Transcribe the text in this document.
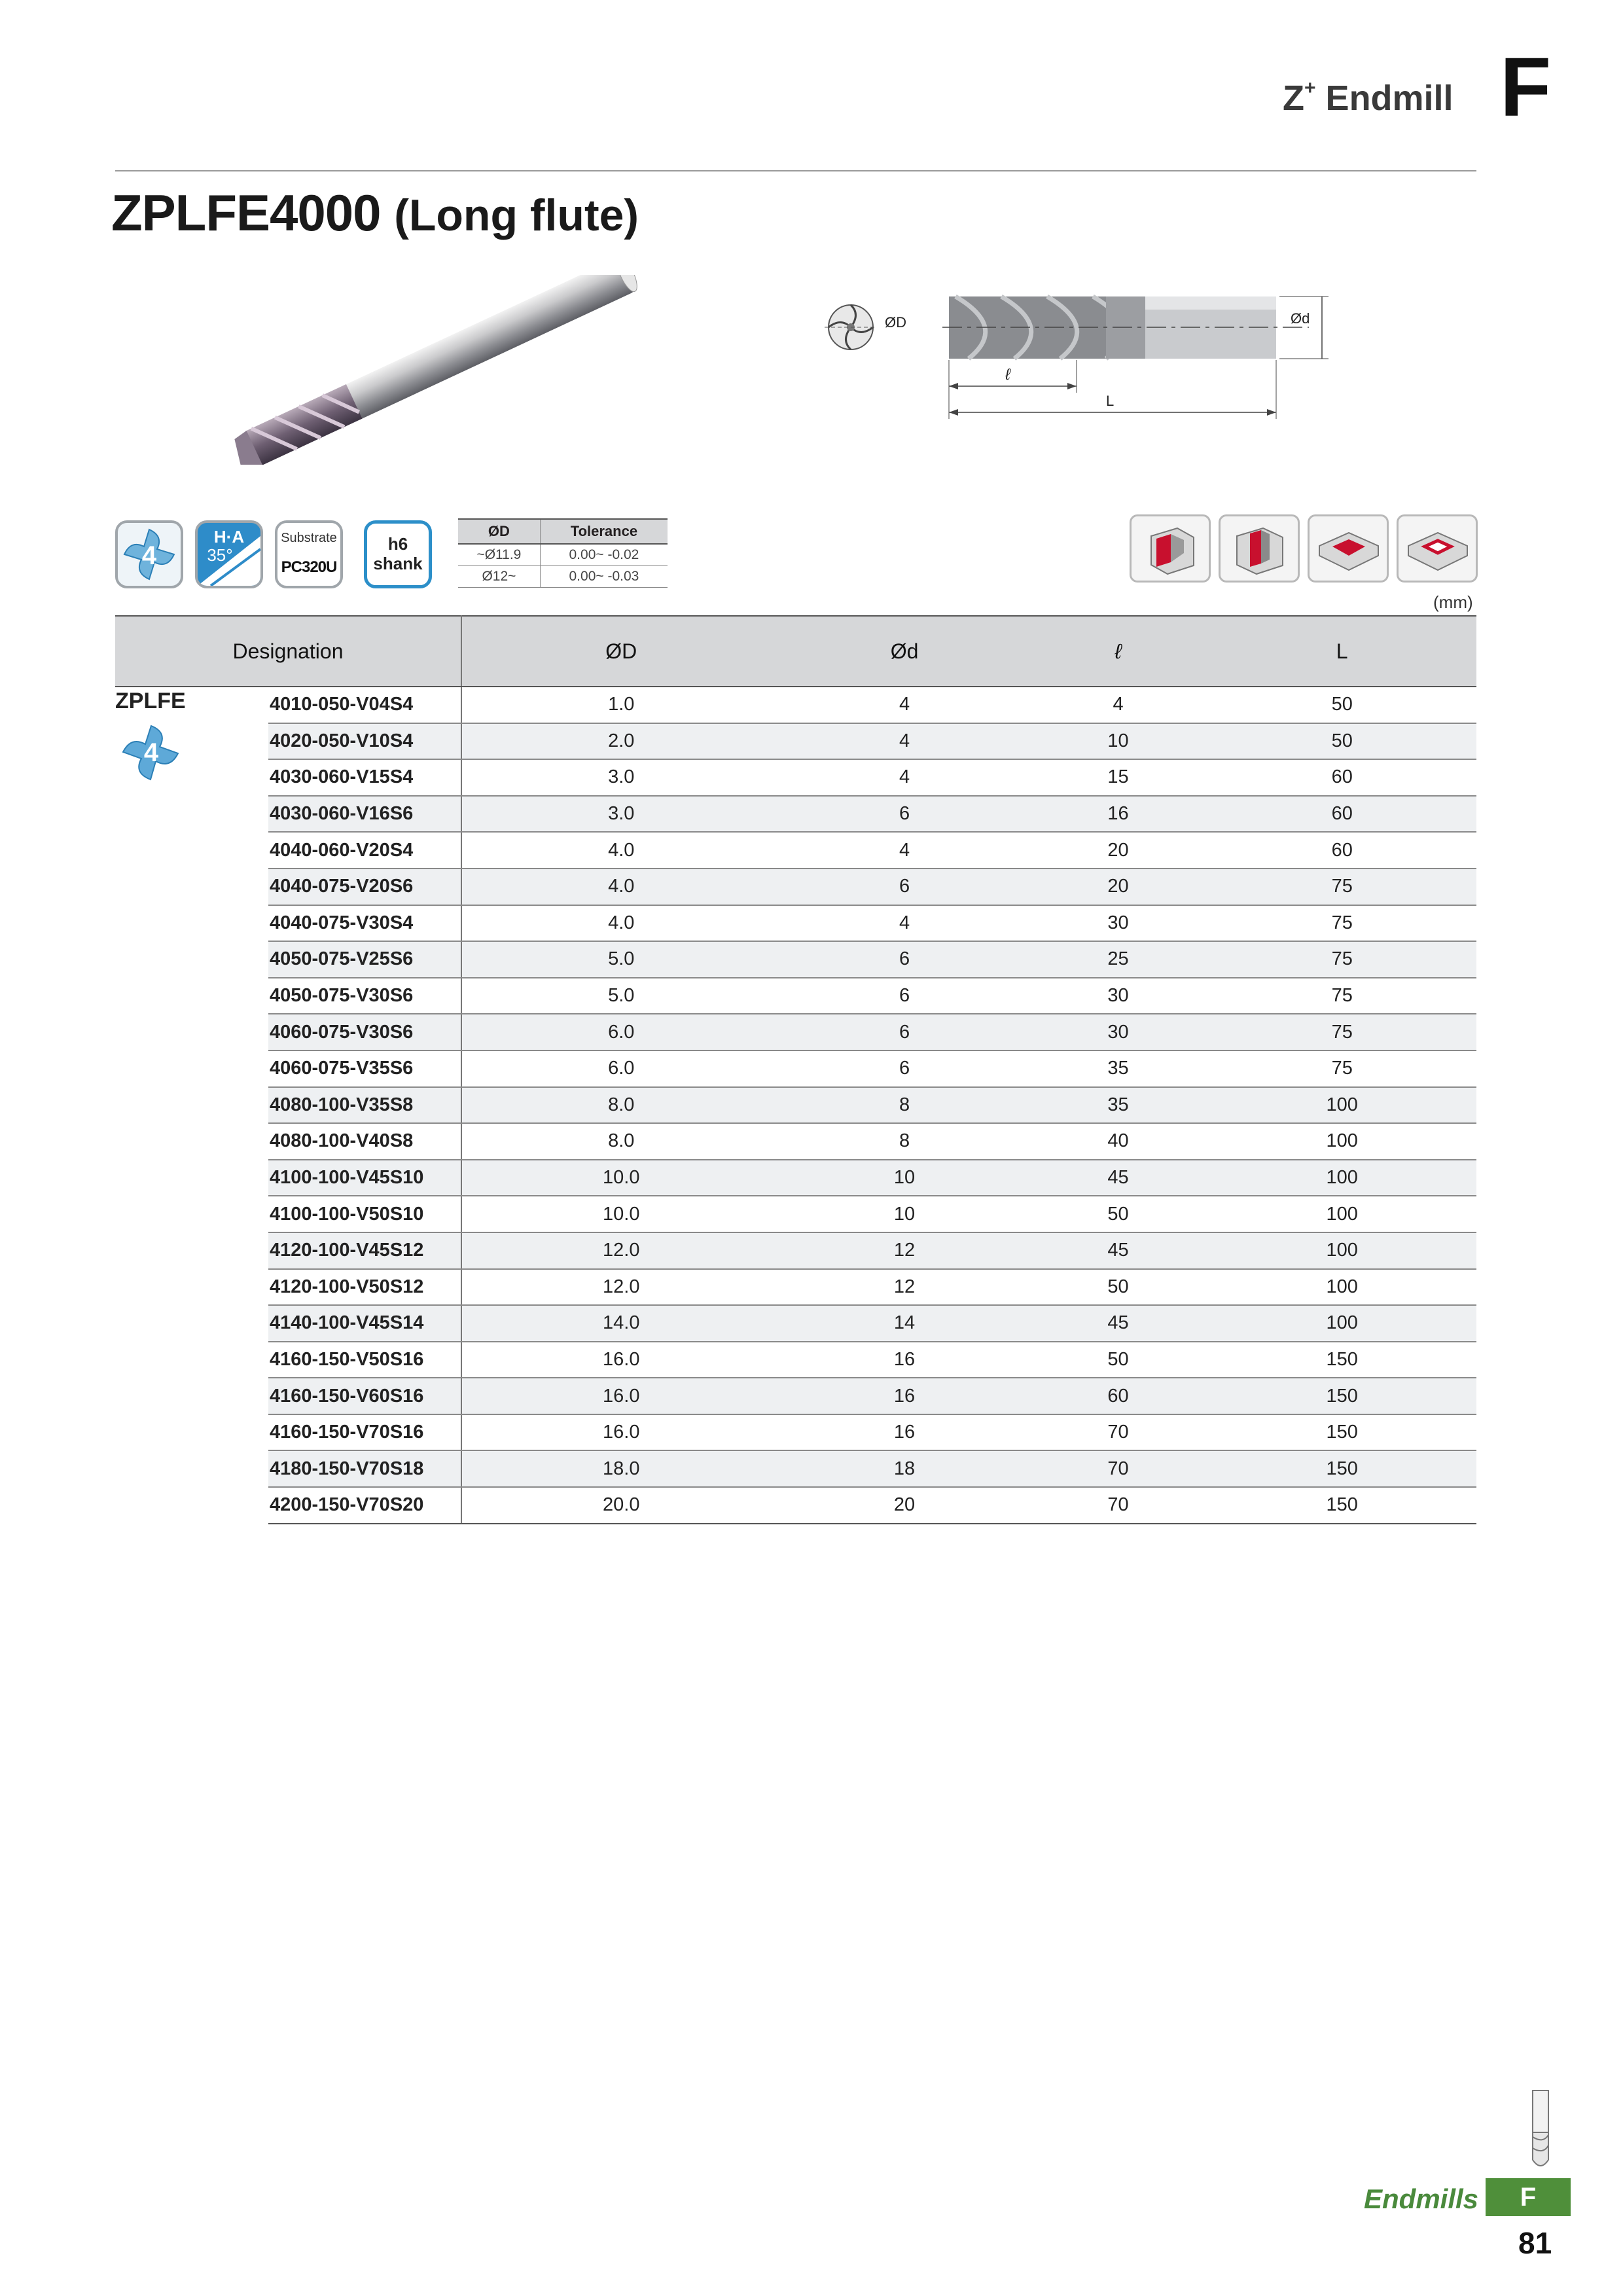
Z+ Endmill F
ZPLFE4000 (Long flute)
ØD	Ød
ℓ
L
4
H·A
35°
Substrate
PC320U
h6
shank
ØD	Tolerance
~Ø11.9	0.00~ -0.02
Ø12~	0.00~ -0.03
(mm)
Designation		ØD	Ød	ℓ	L

ZPLFE
4	4010-050-V04S4	1.0	4	4	50
	4020-050-V10S4	2.0	4	10	50
	4030-060-V15S4	3.0	4	15	60
	4030-060-V16S6	3.0	6	16	60
	4040-060-V20S4	4.0	4	20	60
	4040-075-V20S6	4.0	6	20	75
	4040-075-V30S4	4.0	4	30	75
	4050-075-V25S6	5.0	6	25	75
	4050-075-V30S6	5.0	6	30	75
	4060-075-V30S6	6.0	6	30	75
	4060-075-V35S6	6.0	6	35	75
	4080-100-V35S8	8.0	8	35	100
	4080-100-V40S8	8.0	8	40	100
	4100-100-V45S10	10.0	10	45	100
	4100-100-V50S10	10.0	10	50	100
	4120-100-V45S12	12.0	12	45	100
	4120-100-V50S12	12.0	12	50	100
	4140-100-V45S14	14.0	14	45	100
	4160-150-V50S16	16.0	16	50	150
	4160-150-V60S16	16.0	16	60	150
	4160-150-V70S16	16.0	16	70	150
	4180-150-V70S18	18.0	18	70	150
	4200-150-V70S20	20.0	20	70	150
Endmills	F
81
